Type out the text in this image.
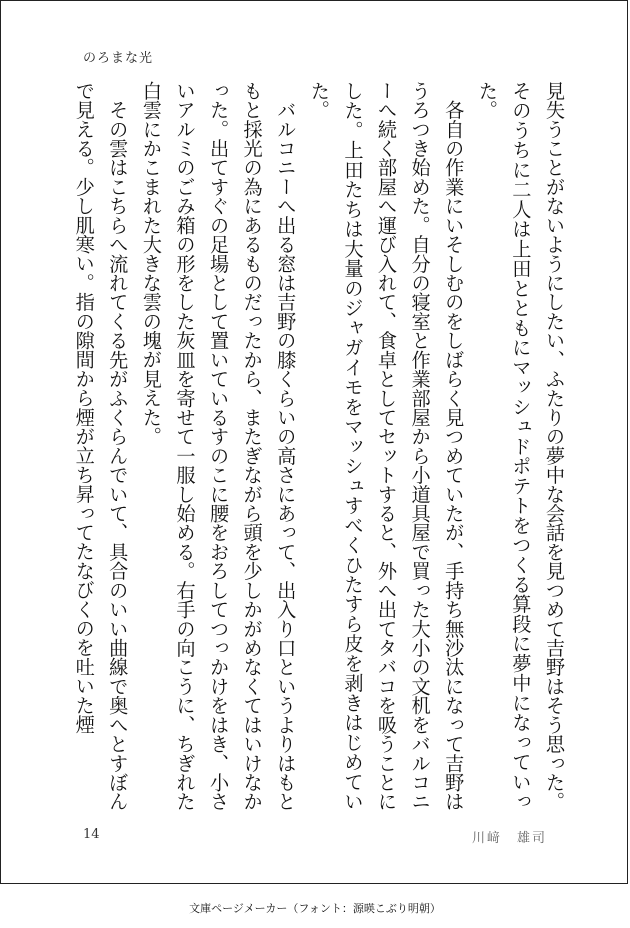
のろまな光

見失うことがないようにしたい、ふたりの夢中な会話を見つめて吉野はそう思った。そのうちに二人は上田とともにマッシュドポテトをつくる算段に夢中になっていった。

　各自の作業にいそしむのをしばらく見つめていたが、手持ち無沙汰になって吉野はうろつき始めた。自分の寝室と作業部屋から小道具屋で買った大小の文机をバルコニーへ続く部屋へ運び入れて、食卓としてセットすると、外へ出てタバコを吸うことにした。上田たちは大量のジャガイモをマッシュすべくひたすら皮を剥きはじめていた。

　バルコニーへ出る窓は吉野の膝くらいの高さにあって、出入り口というよりはもともと採光の為にあるものだったから、またぎながら頭を少しかがめなくてはいけなかった。出てすぐの足場として置いているすのこに腰をおろしてつっかけをはき、小さいアルミのごみ箱の形をした灰皿を寄せて一服し始める。右手の向こうに、ちぎれた白雲にかこまれた大きな雲の塊が見えた。

　その雲はこちらへ流れてくる先がふくらんでいて、具合のいい曲線で奥へとすぼんで見える。少し肌寒い。指の隙間から煙が立ち昇ってたなびくのを吐いた煙

14	川﨑　雄司
文庫ページメーカー（フォント：源暎こぶり明朝）
